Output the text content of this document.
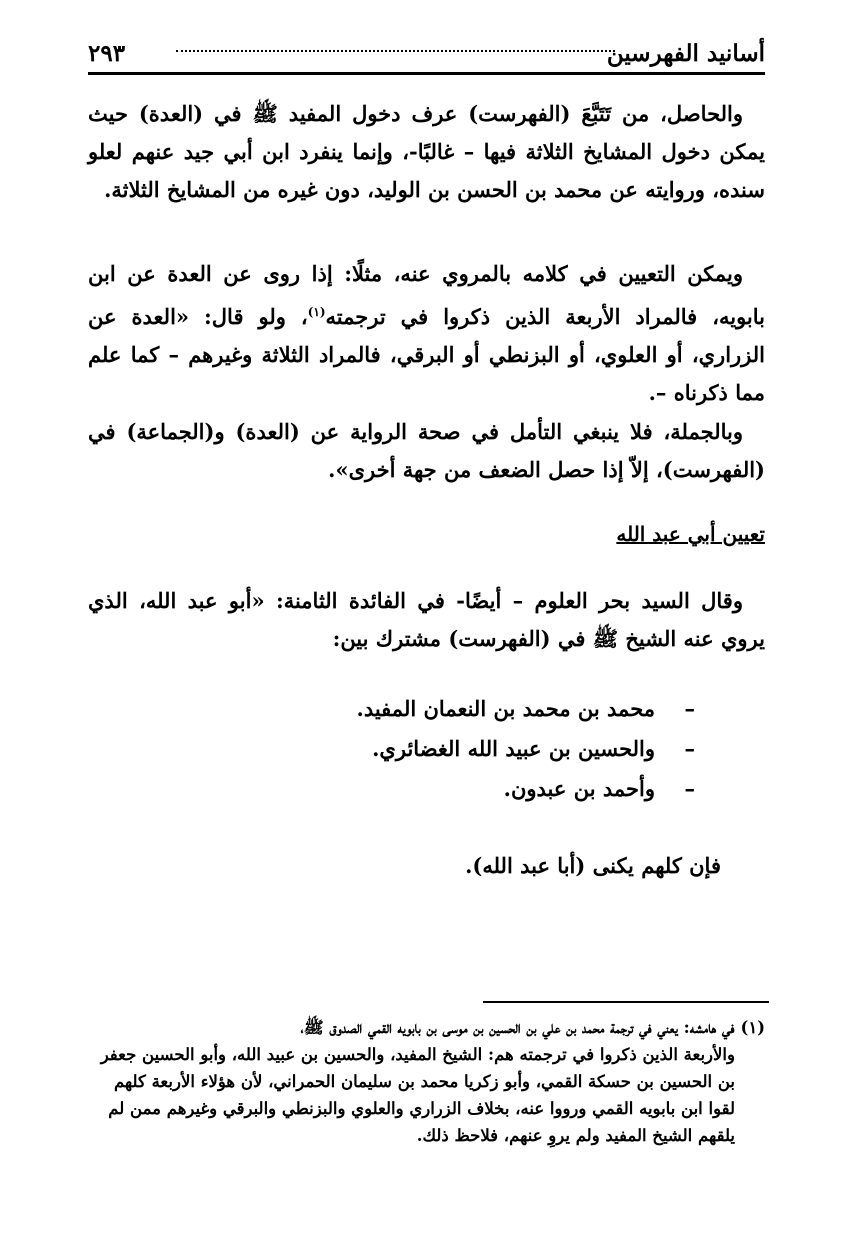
أسانيد الفهرسين
٢٩٣

والحاصل، من تَتَبَّعَ (الفهرست) عرف دخول المفيد ﷺ في (العدة) حيث يمكن دخول المشايخ الثلاثة فيها – غالبًا-، وإنما ينفرد ابن أبي جيد عنهم لعلو سنده، وروايته عن محمد بن الحسن بن الوليد، دون غيره من المشايخ الثلاثة.

ويمكن التعيين في كلامه بالمروي عنه، مثلًا: إذا روى عن العدة عن ابن بابويه، فالمراد الأربعة الذين ذكروا في ترجمته$^{(١)}$، ولو قال: «العدة عن الزراري، أو العلوي، أو البزنطي أو البرقي، فالمراد الثلاثة وغيرهم – كما علم مما ذكرناه –.

وبالجملة، فلا ينبغي التأمل في صحة الرواية عن (العدة) و(الجماعة) في (الفهرست)، إلاّ إذا حصل الضعف من جهة أخرى».

تعيين أبي عبد الله

وقال السيد بحر العلوم – أيضًا- في الفائدة الثامنة: «أبو عبد الله، الذي يروي عنه الشيخ ﷺ في (الفهرست) مشترك بين:

–
محمد بن محمد بن النعمان المفيد.
–
والحسين بن عبيد الله الغضائري.
–
وأحمد بن عبدون.

فإن كلهم يكنى (أبا عبد الله).

(١)في هامشه: يعني في ترجمة محمد بن علي بن الحسين بن موسى بن بابويه القمي الصدوق ﷺ،
والأربعة الذين ذكروا في ترجمته هم: الشيخ المفيد، والحسين بن عبيد الله، وأبو الحسين جعفر
بن الحسين بن حسكة القمي، وأبو زكريا محمد بن سليمان الحمراني، لأن هؤلاء الأربعة كلهم
لقوا ابن بابويه القمي ورووا عنه، بخلاف الزراري والعلوي والبزنطي والبرقي وغيرهم ممن لم
يلقهم الشيخ المفيد ولم يروِ عنهم، فلاحظ ذلك.
